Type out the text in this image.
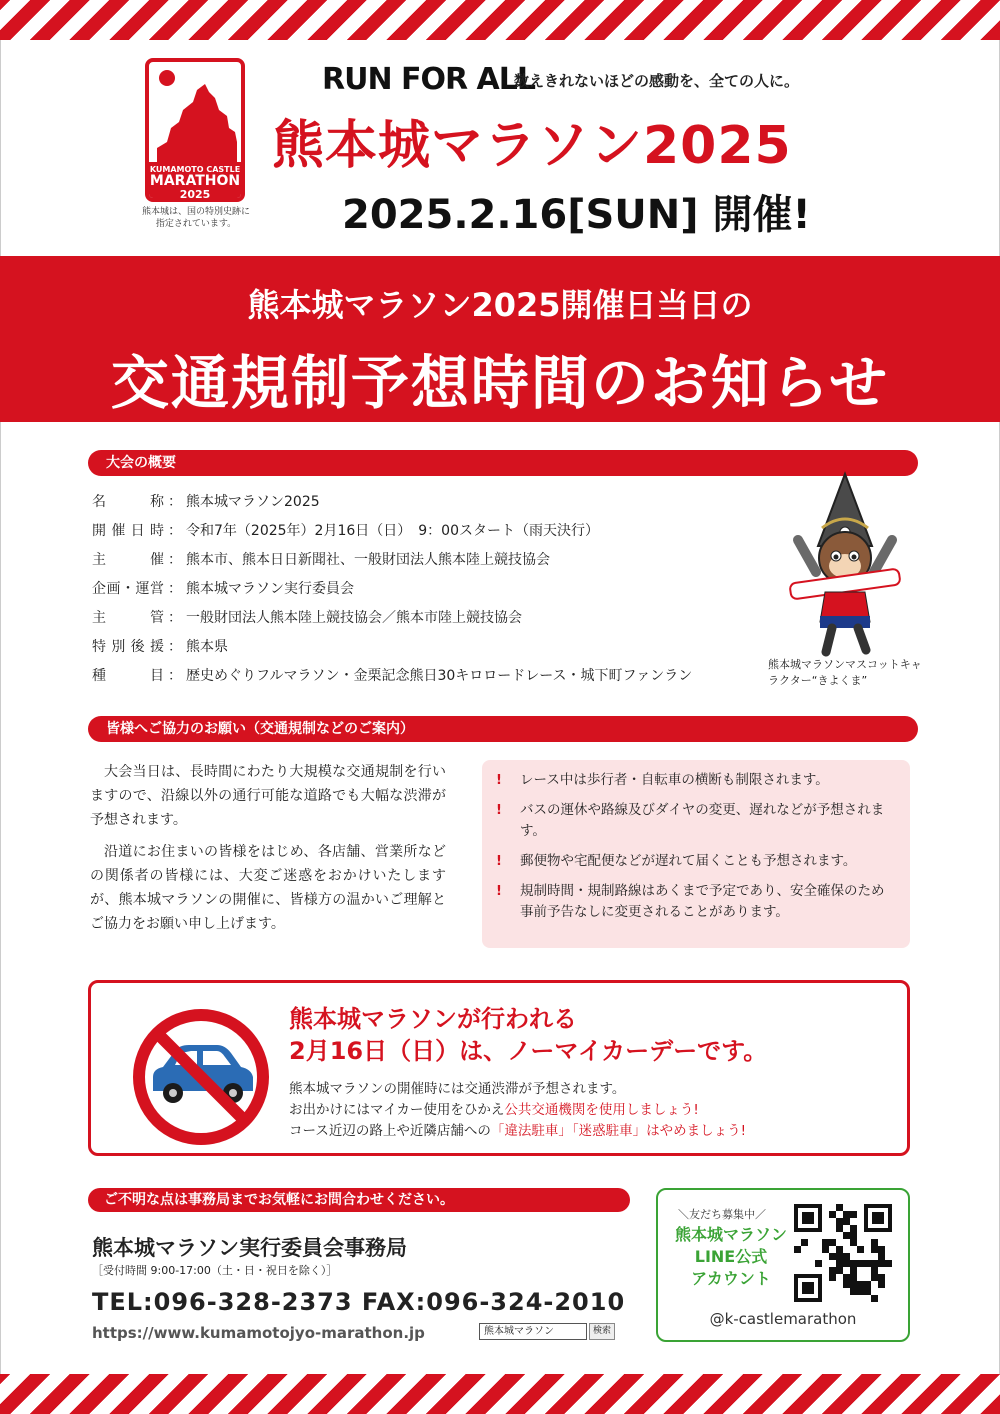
KUMAMOTO CASTLE
MARATHON
2025
熊本城は、国の特別史跡に指定されています。
RUN FOR ALL
数えきれないほどの感動を、全ての人に。
熊本城マラソン2025
2025.2.16[SUN] 開催!
熊本城マラソン2025開催日当日の
交通規制予想時間のお知らせ
大会の概要
名称 ： 熊本城マラソン2025
開催日時 ： 令和7年（2025年）2月16日（日）　9：00スタート（雨天決行）
主催 ： 熊本市、熊本日日新聞社、一般財団法人熊本陸上競技協会
企画・運営 ： 熊本城マラソン実行委員会
主管 ： 一般財団法人熊本陸上競技協会／熊本市陸上競技協会
特別後援 ： 熊本県
種目 ： 歴史めぐりフルマラソン・金栗記念熊日30キロロードレース・城下町ファンラン
熊本城マラソンマスコットキャラクター“きよくま”
皆様へご協力のお願い（交通規制などのご案内）

大会当日は、長時間にわたり大規模な交通規制を行いますので、沿線以外の通行可能な道路でも大幅な渋滞が予想されます。

沿道にお住まいの皆様をはじめ、各店舗、営業所などの関係者の皆様には、大変ご迷惑をおかけいたしますが、熊本城マラソンの開催に、皆様方の温かいご理解とご協力をお願い申し上げます。

!	レース中は歩行者・自転車の横断も制限されます。
!	バスの運休や路線及びダイヤの変更、遅れなどが予想されます。
!	郵便物や宅配便などが遅れて届くことも予想されます。
!	規制時間・規制路線はあくまで予定であり、安全確保のため事前予告なしに変更されることがあります。
熊本城マラソンが行われる
2月16日（日）は、ノーマイカーデーです。
熊本城マラソンの開催時には交通渋滞が予想されます。
お出かけにはマイカー使用をひかえ公共交通機関を使用しましょう!
コース近辺の路上や近隣店舗への「違法駐車」「迷惑駐車」はやめましょう!
ご不明な点は事務局までお気軽にお問合わせください。
熊本城マラソン実行委員会事務局
［受付時間 9:00-17:00（土・日・祝日を除く）］
TEL:096-328-2373 FAX:096-324-2010
https://www.kumamotojyo-marathon.jp	熊本城マラソン	検索
＼友だち募集中／
熊本城マラソン
LINE公式
アカウント
@k-castlemarathon
